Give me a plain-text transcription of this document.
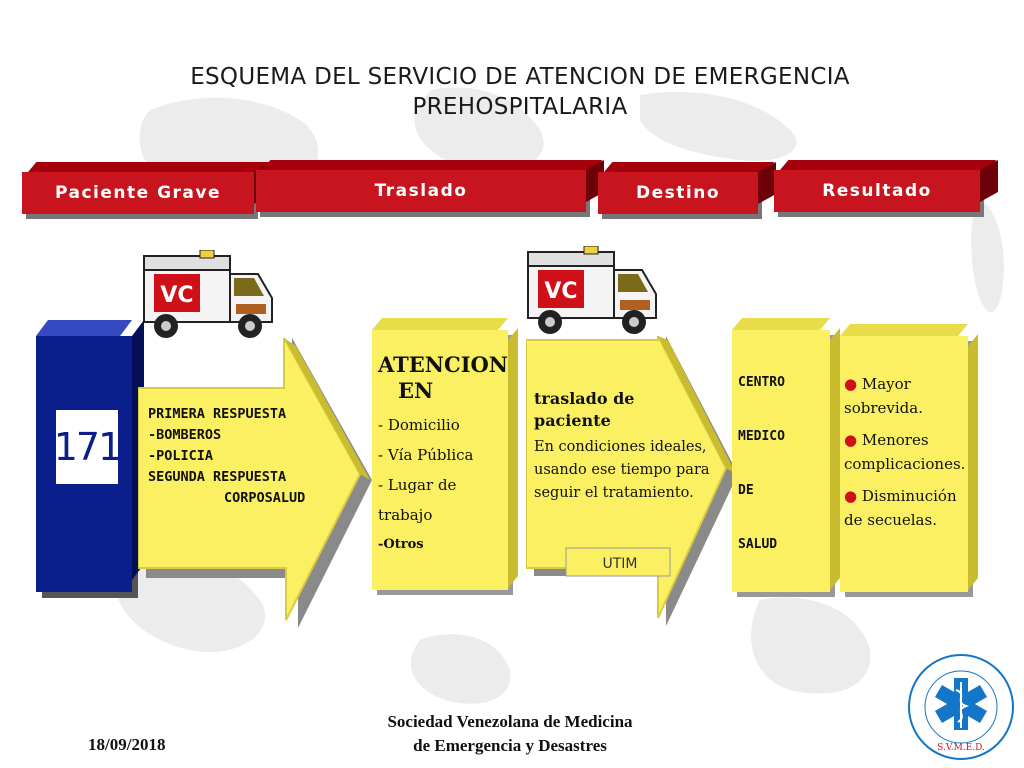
ESQUEMA DEL SERVICIO DE ATENCION DE EMERGENCIA
PREHOSPITALARIA
Paciente Grave	Traslado	Destino	Resultado
VC	VC
171
PRIMERA RESPUESTA
-BOMBEROS
-POLICIA
SEGUNDA RESPUESTA
CORPOSALUD
ATENCION
EN
- Domicilio
- Vía Pública
- Lugar de trabajo
-Otros
traslado de paciente
En condiciones ideales,
usando ese tiempo para
seguir el tratamiento.
UTIM
CENTRO
MEDICO
DE
SALUD
● Mayor
sobrevida.
● Menores
complicaciones.
● Disminución
de secuelas.
18/09/2018
Sociedad Venezolana de Medicina
de Emergencia y Desastres	S.V.M.E.D.
